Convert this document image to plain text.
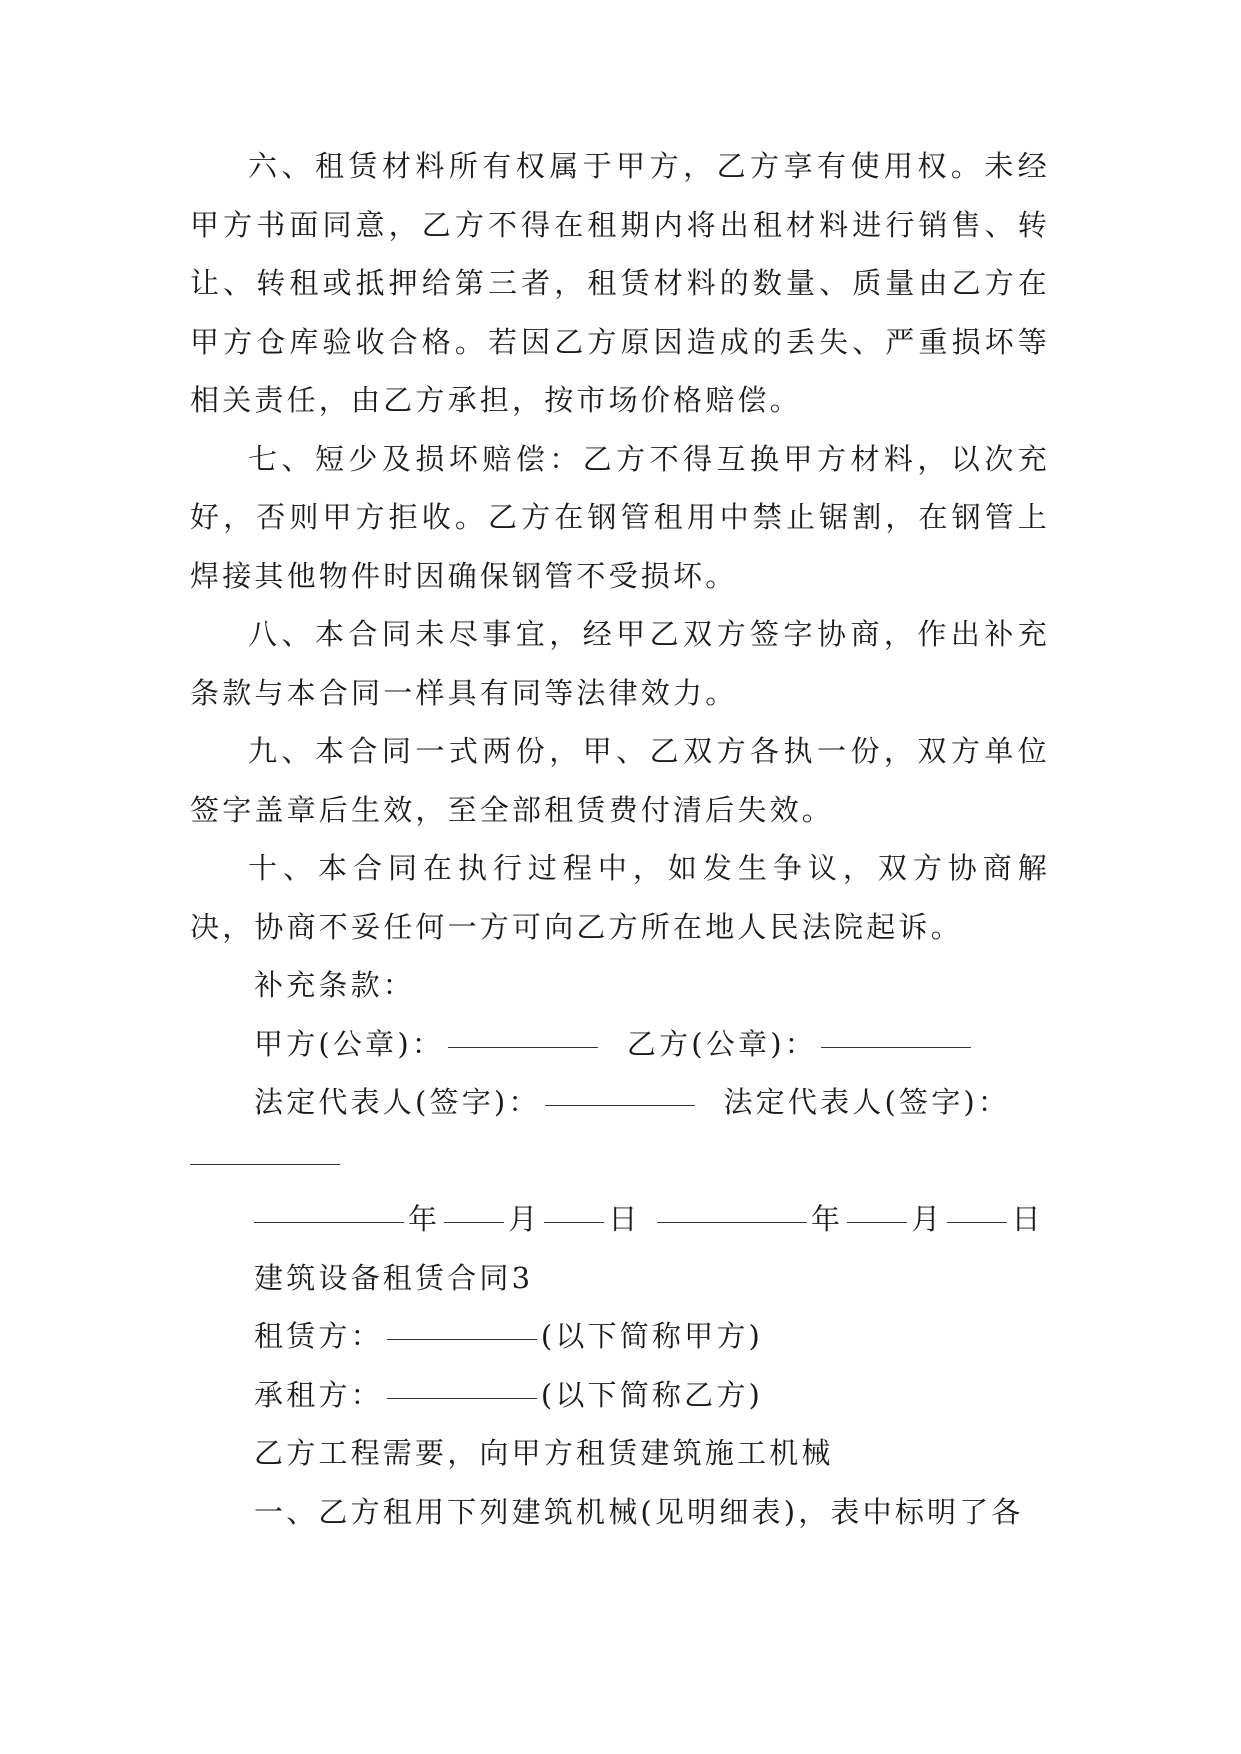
六、租赁材料所有权属于甲方，乙方享有使用权。未经甲方书面同意，乙方不得在租期内将出租材料进行销售、转让、转租或抵押给第三者，租赁材料的数量、质量由乙方在甲方仓库验收合格。若因乙方原因造成的丢失、严重损坏等相关责任，由乙方承担，按市场价格赔偿。

七、短少及损坏赔偿：乙方不得互换甲方材料，以次充好，否则甲方拒收。乙方在钢管租用中禁止锯割，在钢管上焊接其他物件时因确保钢管不受损坏。

八、本合同未尽事宜，经甲乙双方签字协商，作出补充条款与本合同一样具有同等法律效力。

九、本合同一式两份，甲、乙双方各执一份，双方单位签字盖章后生效，至全部租赁费付清后失效。

十、本合同在执行过程中，如发生争议，双方协商解决，协商不妥任何一方可向乙方所在地人民法院起诉。

补充条款：

甲方(公章)：	乙方(公章)：

法定代表人(签字)：	法定代表人(签字)：

年 月 日	年 月 日

建筑设备租赁合同3

租赁方：	(以下简称甲方)

承租方：	(以下简称乙方)

乙方工程需要，向甲方租赁建筑施工机械

一、乙方租用下列建筑机械(见明细表)，表中标明了各
